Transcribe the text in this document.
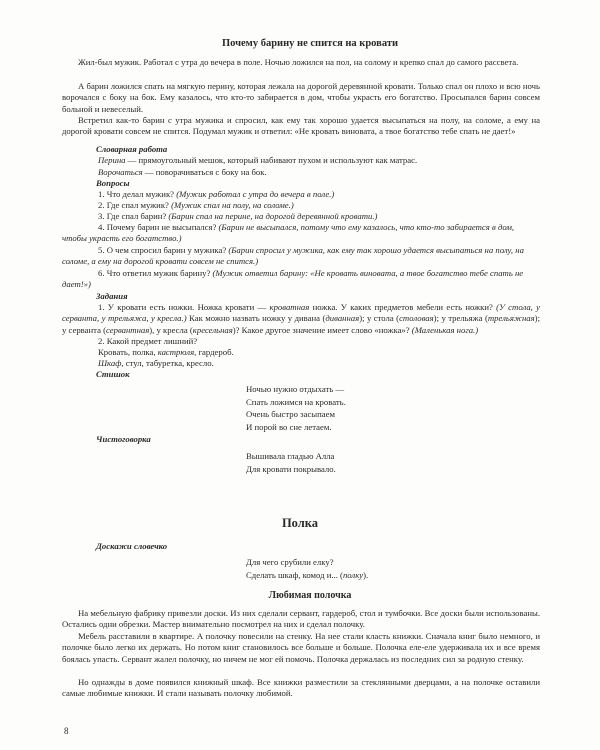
Почему барину не спится на кровати
Жил-был мужик. Работал с утра до вечера в поле. Ночью ложился на пол, на солому и крепко спал до самого рассвета.
А барин ложился спать на мягкую перину, которая лежала на дорогой деревянной кровати. Только спал он плохо и всю ночь ворочался с боку на бок. Ему казалось, что кто-то забирается в дом, чтобы украсть его богатство. Просыпался барин совсем больной и невеселый.
Встретил как-то барин с утра мужика и спросил, как ему так хорошо удается высыпаться на полу, на соломе, а ему на дорогой кровати совсем не спится. Подумал мужик и ответил: «Не кровать виновата, а твое богатство тебе спать не дает!»
Словарная работа
Перина — прямоугольный мешок, который набивают пухом и используют как матрас.
Ворочаться — поворачиваться с боку на бок.
Вопросы
1. Что делал мужик? (Мужик работал с утра до вечера в поле.)
2. Где спал мужик? (Мужик спал на полу, на соломе.)
3. Где спал барин? (Барин спал на перине, на дорогой деревянной кровати.)
4. Почему барин не высыпался? (Барин не высыпался, потому что ему казалось, что кто-то забирается в дом, чтобы украсть его богатство.)
5. О чем спросил барин у мужика? (Барин спросил у мужика, как ему так хорошо удается высыпаться на полу, на соломе, а ему на дорогой кровати совсем не спится.)
6. Что ответил мужик барину? (Мужик ответил барину: «Не кровать виновата, а твое богатство тебе спать не дает!»)
Задания
1. У кровати есть ножки. Ножка кровати — кроватная ножка. У каких предметов мебели есть ножки? (У стола, у серванта, у трельяжа, у кресла.) Как можно назвать ножку у дивана (диванная); у стола (столовая); у трельяжа (трельяжная); у серванта (сервантная), у кресла (кресельная)? Какое другое значение имеет слово «ножка»? (Маленькая нога.)
2. Какой предмет лишний?
Кровать, полка, кастрюля, гардероб.
Шкаф, стул, табуретка, кресло.
Стишок
Ночью нужно отдыхать —
Спать ложимся на кровать.
Очень быстро засыпаем
И порой во сне летаем.
Чистоговорка
Вышивала гладью Алла
Для кровати покрывало.
Полка
Доскажи словечко
Для чего срубили елку?
Сделать шкаф, комод и... (полку).
Любимая полочка
На мебельную фабрику привезли доски. Из них сделали сервант, гардероб, стол и тумбочки. Все доски были использованы. Остались одни обрезки. Мастер внимательно посмотрел на них и сделал полочку.
Мебель расставили в квартире. А полочку повесили на стенку. На нее стали класть книжки. Сначала книг было немного, и полочке было легко их держать. Но потом книг становилось все больше и больше. Полочка еле-еле удерживала их и все время боялась упасть. Сервант жалел полочку, но ничем не мог ей помочь. Полочка держалась из последних сил за родную стенку.
Но однажды в доме появился книжный шкаф. Все книжки разместили за стеклянными дверцами, а на полочке оставили самые любимые книжки. И стали называть полочку любимой.
8
